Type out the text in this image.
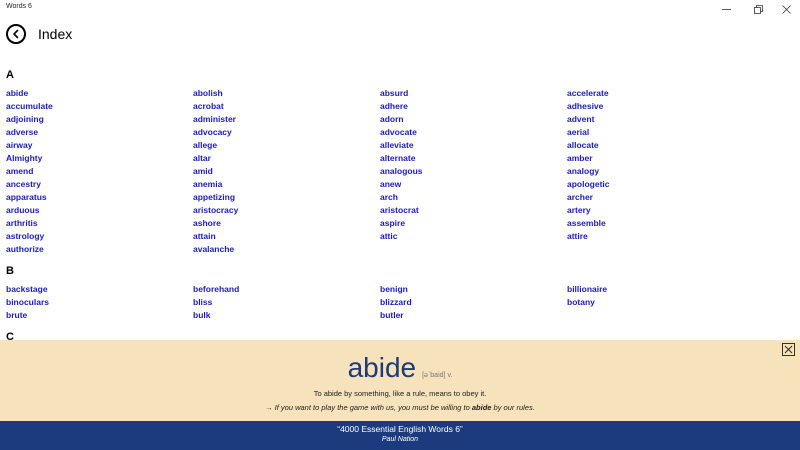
Words 6
Index
A
abide	abolish	absurd	accelerate
accumulate	acrobat	adhere	adhesive
adjoining	administer	adorn	advent
adverse	advocacy	advocate	aerial
airway	allege	alleviate	allocate
Almighty	altar	alternate	amber
amend	amid	analogous	analogy
ancestry	anemia	anew	apologetic
apparatus	appetizing	arch	archer
arduous	aristocracy	aristocrat	artery
arthritis	ashore	aspire	assemble
astrology	attain	attic	attire
authorize	avalanche
B
backstage	beforehand	benign	billionaire
binoculars	bliss	blizzard	botany
brute	bulk	butler
C
abide [ə`baid] v.
To abide by something, like a rule, means to obey it.
→ If you want to play the game with us, you must be willing to abide by our rules.
“4000 Essential English Words 6”
Paul Nation
